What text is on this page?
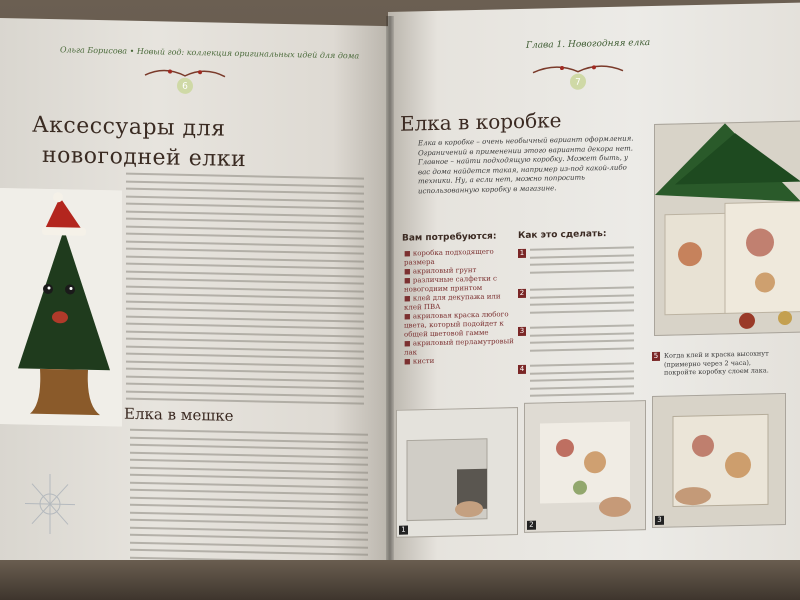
Ольга Борисова • Новый год: коллекция оригинальных идей для дома
6
Аксессуары для
новогодней елки
Елка в мешке
Глава 1. Новогодняя елка
7
Елка в коробке
Елка в коробке – очень необычный вариант оформления. Ограничений в применении этого варианта декора нет. Главное – найти подходящую коробку. Может быть, у вас дома найдется такая, например из-под какой-либо техники. Ну, а если нет, можно попросить использованную коробку в магазине.
Вам потребуются:
■ коробка подходящего размера
■ акриловый грунт
■ различные салфетки с новогодним принтом
■ клей для декупажа или клей ПВА
■ акриловая краска любого цвета, который подойдет к общей цветовой гамме
■ акриловый перламутровый лак
■ кисти
Как это сделать:
1
2
3
4
5 Когда клей и краска высохнут (примерно через 2 часа), покройте коробку слоем лака.
1
2
3
